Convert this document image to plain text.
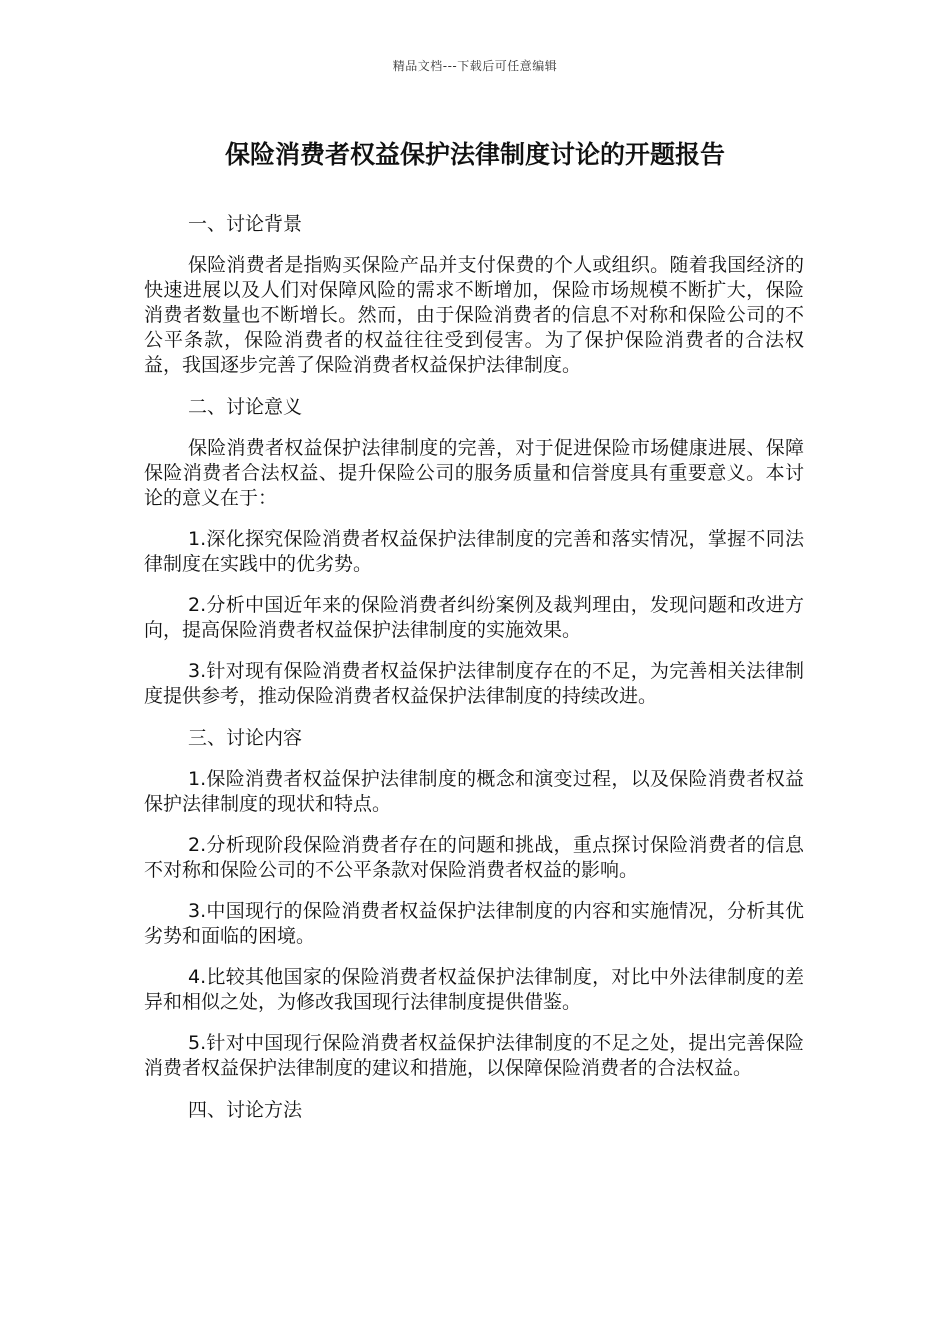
精品文档---下载后可任意编辑
保险消费者权益保护法律制度讨论的开题报告

一、讨论背景

保险消费者是指购买保险产品并支付保费的个人或组织。随着我国经济的快速进展以及人们对保障风险的需求不断增加，保险市场规模不断扩大，保险消费者数量也不断增长。然而，由于保险消费者的信息不对称和保险公司的不公平条款，保险消费者的权益往往受到侵害。为了保护保险消费者的合法权益，我国逐步完善了保险消费者权益保护法律制度。

二、讨论意义

保险消费者权益保护法律制度的完善，对于促进保险市场健康进展、保障保险消费者合法权益、提升保险公司的服务质量和信誉度具有重要意义。本讨论的意义在于：

1.深化探究保险消费者权益保护法律制度的完善和落实情况，掌握不同法律制度在实践中的优劣势。

2.分析中国近年来的保险消费者纠纷案例及裁判理由，发现问题和改进方向，提高保险消费者权益保护法律制度的实施效果。

3.针对现有保险消费者权益保护法律制度存在的不足，为完善相关法律制度提供参考，推动保险消费者权益保护法律制度的持续改进。

三、讨论内容

1.保险消费者权益保护法律制度的概念和演变过程，以及保险消费者权益保护法律制度的现状和特点。

2.分析现阶段保险消费者存在的问题和挑战，重点探讨保险消费者的信息不对称和保险公司的不公平条款对保险消费者权益的影响。

3.中国现行的保险消费者权益保护法律制度的内容和实施情况，分析其优劣势和面临的困境。

4.比较其他国家的保险消费者权益保护法律制度，对比中外法律制度的差异和相似之处，为修改我国现行法律制度提供借鉴。

5.针对中国现行保险消费者权益保护法律制度的不足之处，提出完善保险消费者权益保护法律制度的建议和措施，以保障保险消费者的合法权益。

四、讨论方法
